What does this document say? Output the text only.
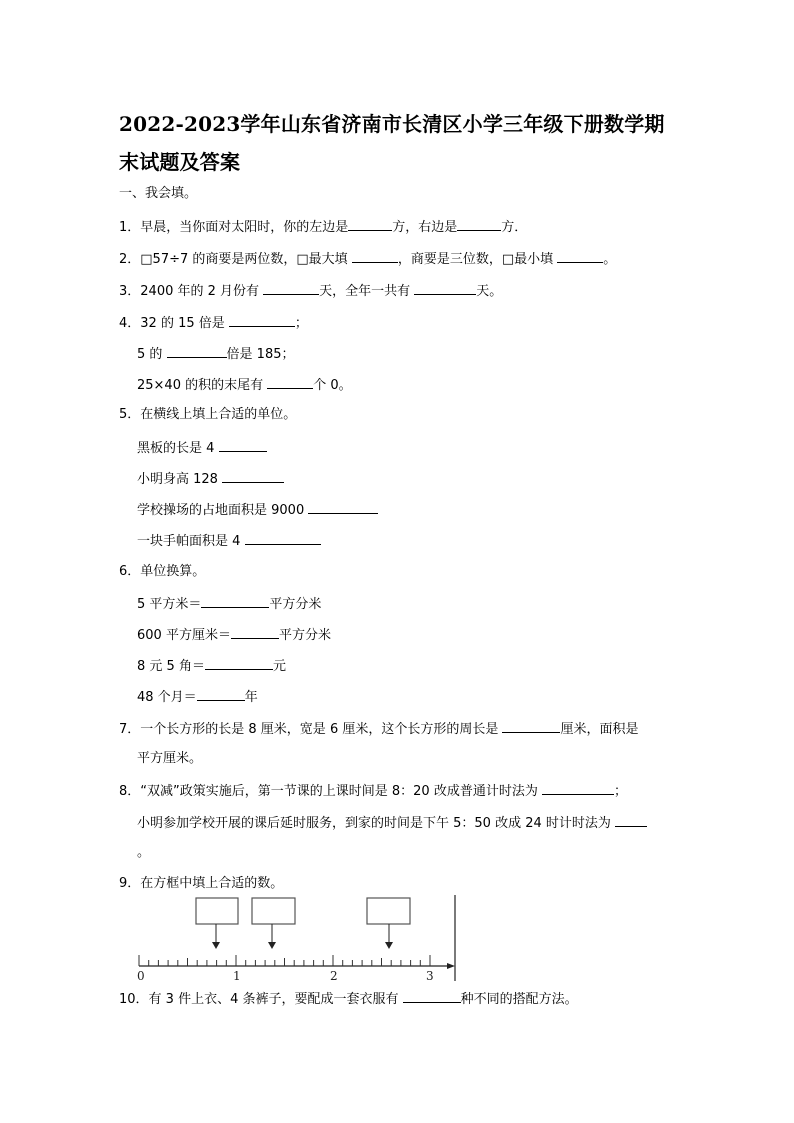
2022-2023学年山东省济南市长清区小学三年级下册数学期
末试题及答案
一、我会填。
1．早晨，当你面对太阳时，你的左边是	方，右边是	方．
2．□57÷7 的商要是两位数，□最大填	，商要是三位数，□最小填	。
3．2400 年的 2 月份有	天，全年一共有	天。
4．32 的 15 倍是	；
5 的	倍是 185；
25×40 的积的末尾有	个 0。
5．在横线上填上合适的单位。
黑板的长是 4
小明身高 128
学校操场的占地面积是 9000
一块手帕面积是 4
6．单位换算。
5 平方米＝	平方分米
600 平方厘米＝	平方分米
8 元 5 角＝	元
48 个月＝	年
7．一个长方形的长是 8 厘米，宽是 6 厘米，这个长方形的周长是	厘米，面积是
平方厘米。
8．“双减”政策实施后，第一节课的上课时间是 8：20 改成普通计时法为	；
小明参加学校开展的课后延时服务，到家的时间是下午 5：50 改成 24 时计时法为
。
9．在方框中填上合适的数。
0	1	2	3
10．有 3 件上衣、4 条裤子，要配成一套衣服有	种不同的搭配方法。
